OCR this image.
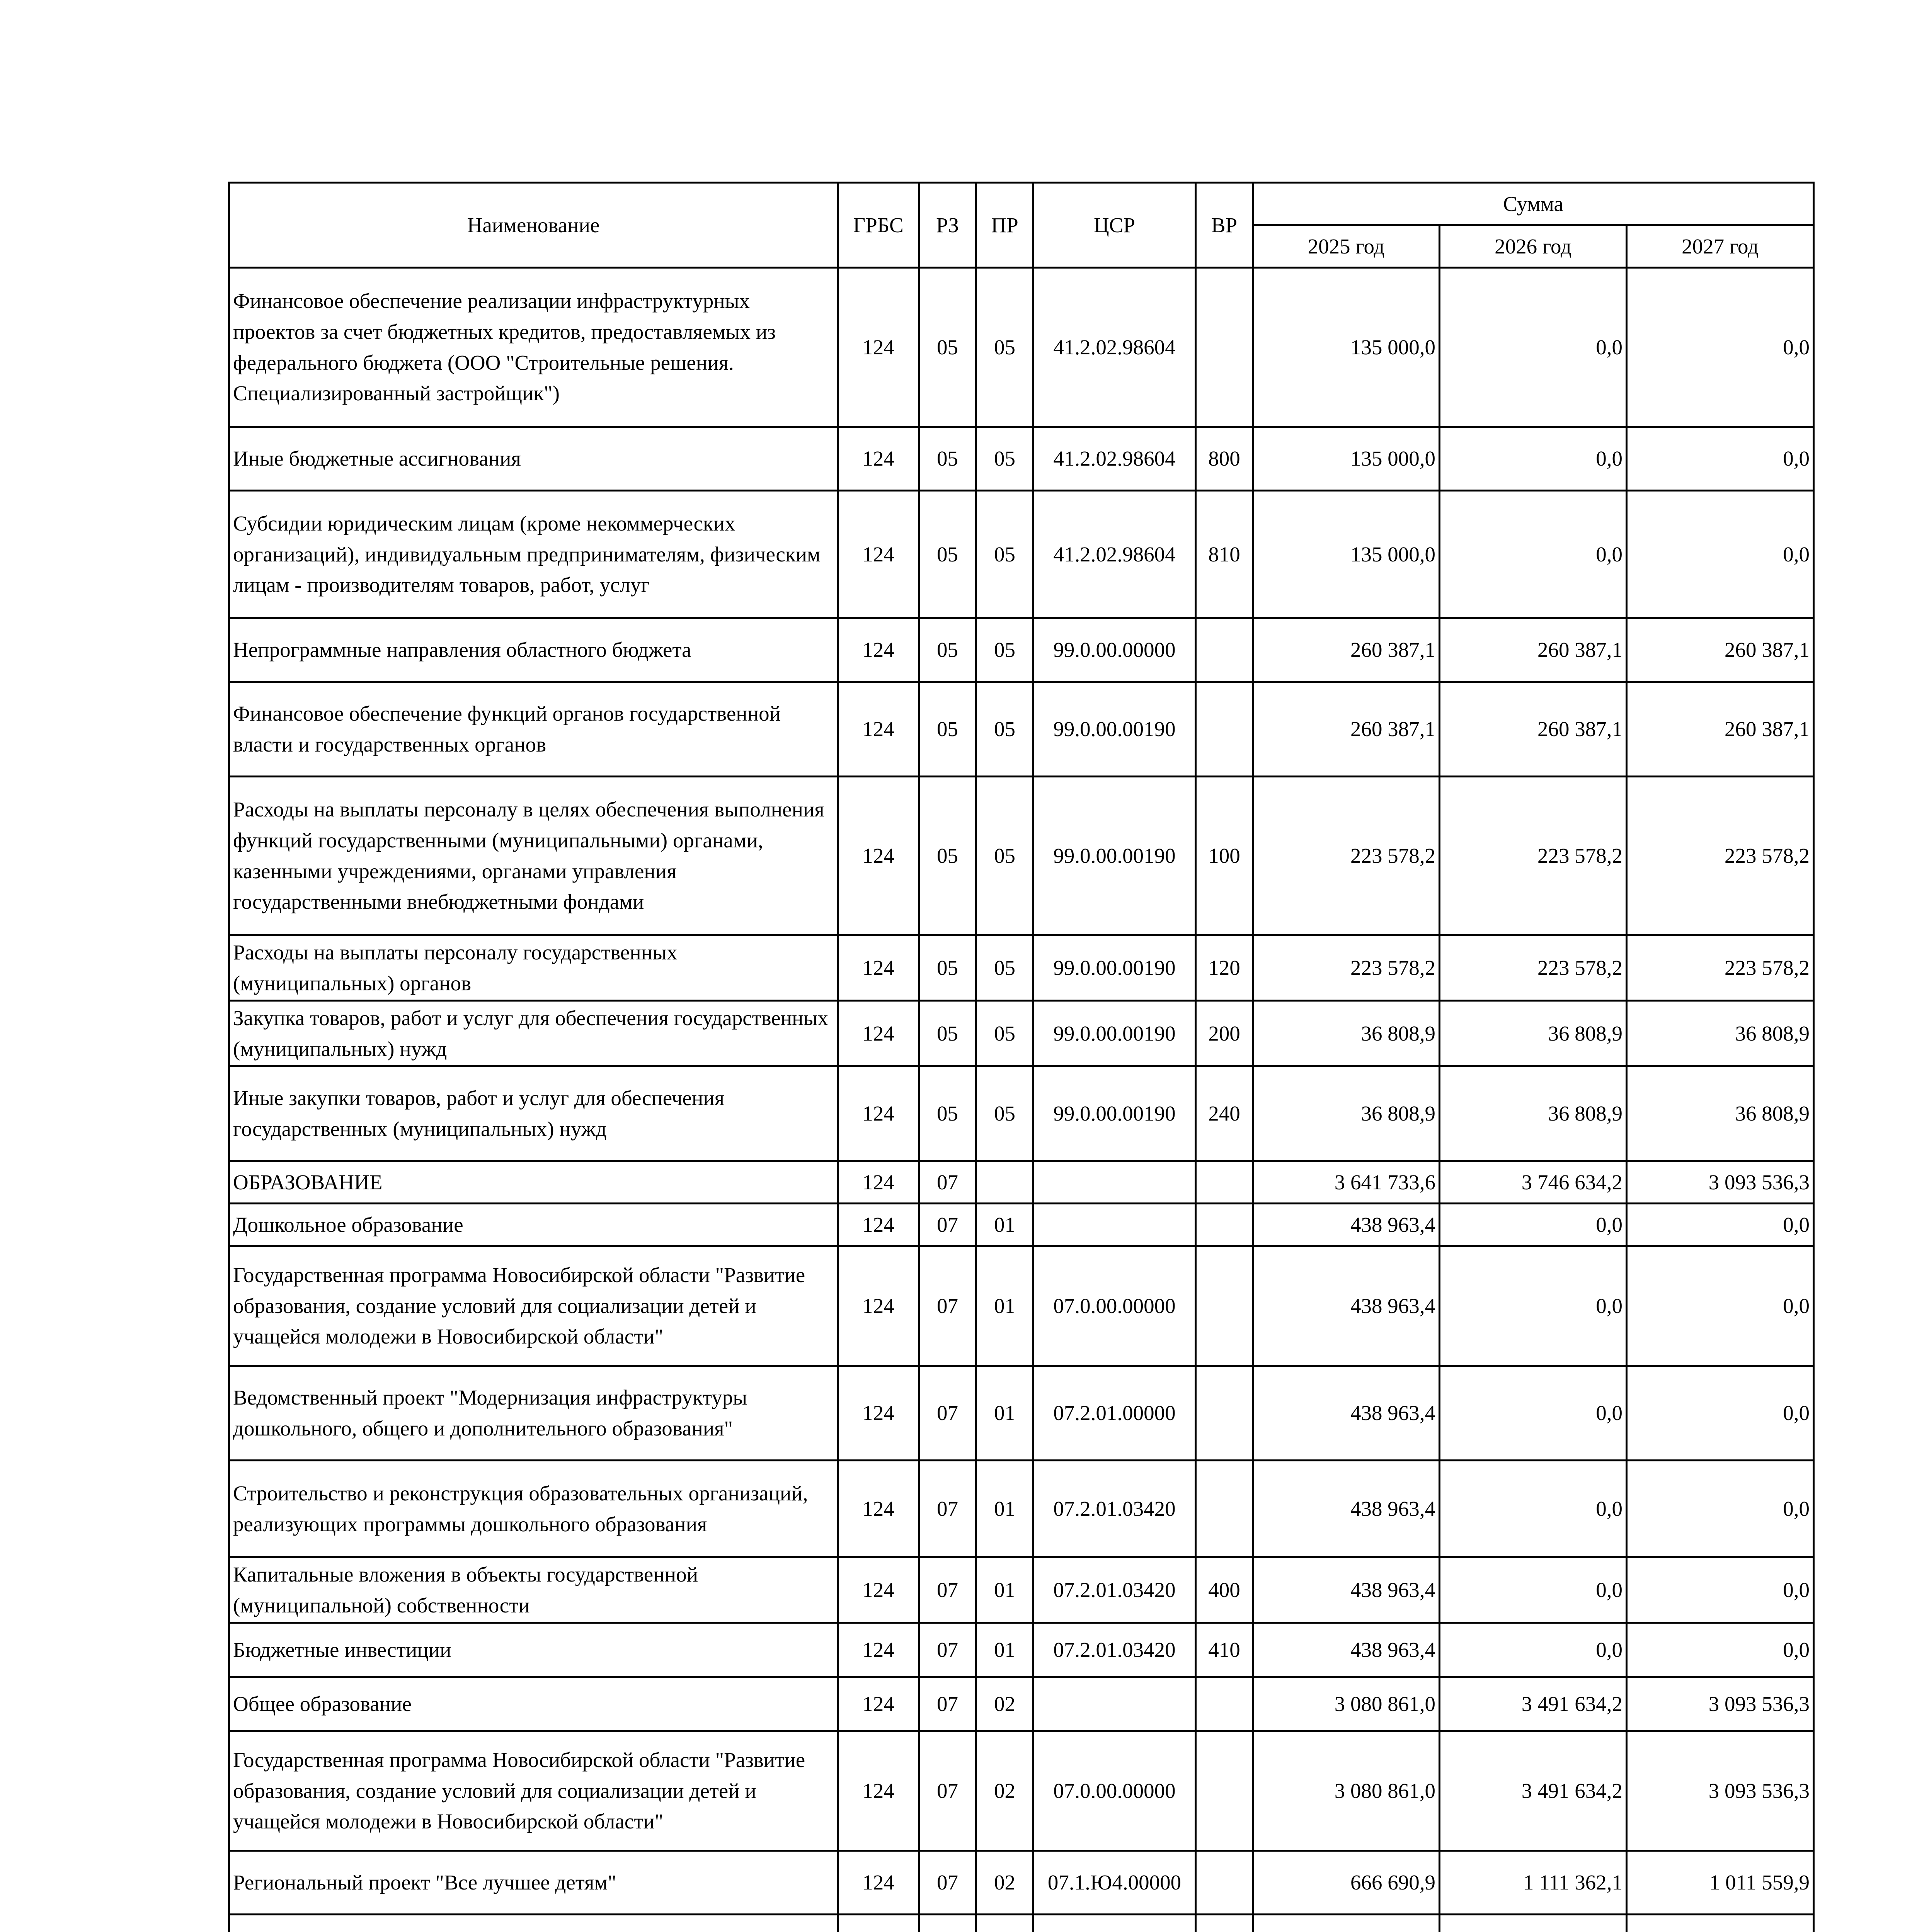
Наименование	ГРБС	РЗ	ПР	ЦСР	ВР	Сумма		
						2025 год	2026 год	2027 год
Финансовое обеспечение реализации инфраструктурных проектов за счет бюджетных кредитов, предоставляемых из федерального бюджета (ООО "Строительные решения. Специализированный застройщик")	124	05	05	41.2.02.98604		135 000,0	0,0	0,0
Иные бюджетные ассигнования	124	05	05	41.2.02.98604	800	135 000,0	0,0	0,0
Субсидии юридическим лицам (кроме некоммерческих организаций), индивидуальным предпринимателям, физическим лицам - производителям товаров, работ, услуг	124	05	05	41.2.02.98604	810	135 000,0	0,0	0,0
Непрограммные направления областного бюджета	124	05	05	99.0.00.00000		260 387,1	260 387,1	260 387,1
Финансовое обеспечение функций органов государственной власти и государственных органов	124	05	05	99.0.00.00190		260 387,1	260 387,1	260 387,1
Расходы на выплаты персоналу в целях обеспечения выполнения функций государственными (муниципальными) органами, казенными учреждениями, органами управления государственными внебюджетными фондами	124	05	05	99.0.00.00190	100	223 578,2	223 578,2	223 578,2
Расходы на выплаты персоналу государственных (муниципальных) органов	124	05	05	99.0.00.00190	120	223 578,2	223 578,2	223 578,2
Закупка товаров, работ и услуг для обеспечения государственных (муниципальных) нужд	124	05	05	99.0.00.00190	200	36 808,9	36 808,9	36 808,9
Иные закупки товаров, работ и услуг для обеспечения государственных (муниципальных) нужд	124	05	05	99.0.00.00190	240	36 808,9	36 808,9	36 808,9
ОБРАЗОВАНИЕ	124	07				3 641 733,6	3 746 634,2	3 093 536,3
Дошкольное образование	124	07	01			438 963,4	0,0	0,0
Государственная программа Новосибирской области "Развитие образования, создание условий для социализации детей и учащейся молодежи в Новосибирской области"	124	07	01	07.0.00.00000		438 963,4	0,0	0,0
Ведомственный проект "Модернизация инфраструктуры дошкольного, общего и дополнительного образования"	124	07	01	07.2.01.00000		438 963,4	0,0	0,0
Строительство и реконструкция образовательных организаций, реализующих программы дошкольного образования	124	07	01	07.2.01.03420		438 963,4	0,0	0,0
Капитальные вложения в объекты государственной (муниципальной) собственности	124	07	01	07.2.01.03420	400	438 963,4	0,0	0,0
Бюджетные инвестиции	124	07	01	07.2.01.03420	410	438 963,4	0,0	0,0
Общее образование	124	07	02			3 080 861,0	3 491 634,2	3 093 536,3
Государственная программа Новосибирской области "Развитие образования, создание условий для социализации детей и учащейся молодежи в Новосибирской области"	124	07	02	07.0.00.00000		3 080 861,0	3 491 634,2	3 093 536,3
Региональный проект "Все лучшее детям"	124	07	02	07.1.Ю4.00000		666 690,9	1 111 362,1	1 011 559,9
